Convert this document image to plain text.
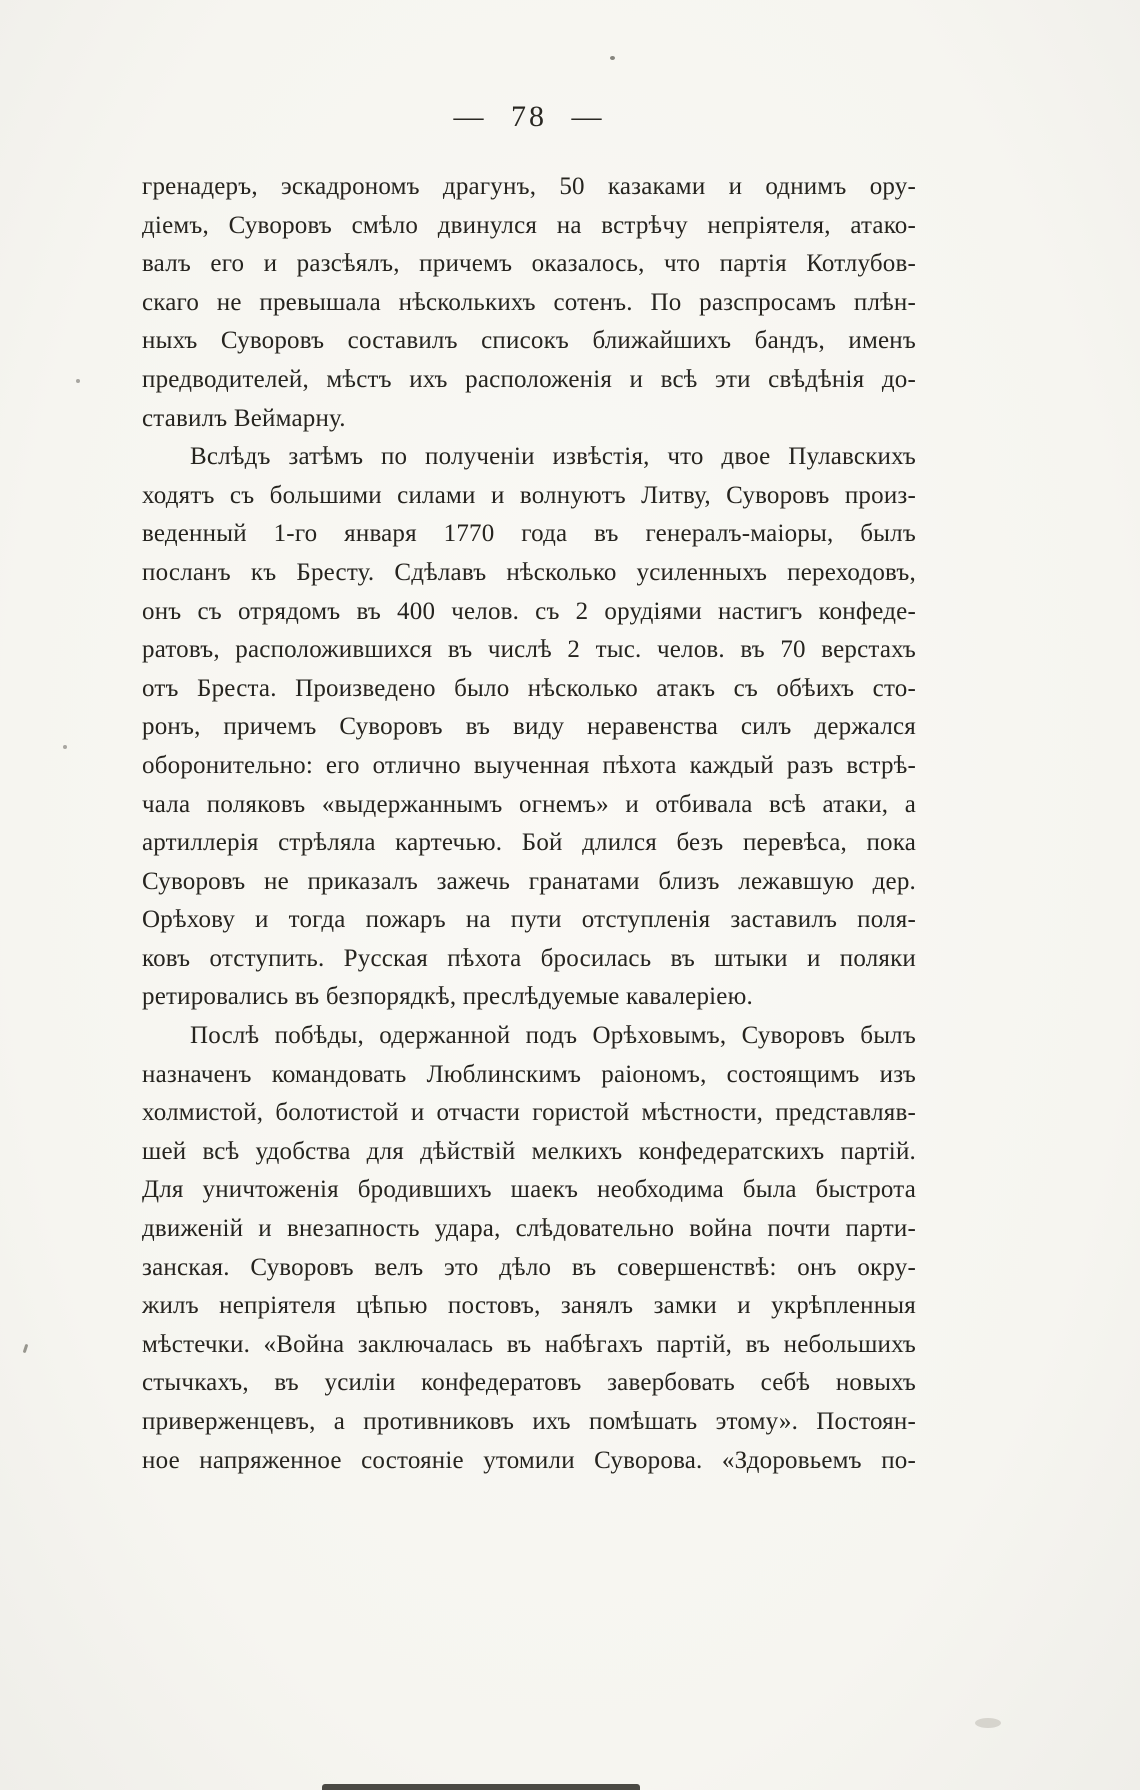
— 78 —

гренадеръ, эскадрономъ драгунъ, 50 казаками и однимъ ору-
діемъ, Суворовъ смѣло двинулся на встрѣчу непріятеля, атако-
валъ его и разсѣялъ, причемъ оказалось, что партія Котлубов-
скаго не превышала нѣсколькихъ сотенъ. По разспросамъ плѣн-
ныхъ Суворовъ составилъ списокъ ближайшихъ бандъ, именъ
предводителей, мѣстъ ихъ расположенія и всѣ эти свѣдѣнія до-
ставилъ Веймарну.

Вслѣдъ затѣмъ по полученіи извѣстія, что двое Пулавскихъ
ходятъ съ большими силами и волнуютъ Литву, Суворовъ произ-
веденный 1-го января 1770 года въ генералъ-маіоры, былъ
посланъ къ Бресту. Сдѣлавъ нѣсколько усиленныхъ переходовъ,
онъ съ отрядомъ въ 400 челов. съ 2 орудіями настигъ конфеде-
ратовъ, расположившихся въ числѣ 2 тыс. челов. въ 70 верстахъ
отъ Бреста. Произведено было нѣсколько атакъ съ обѣихъ сто-
ронъ, причемъ Суворовъ въ виду неравенства силъ держался
оборонительно: его отлично выученная пѣхота каждый разъ встрѣ-
чала поляковъ «выдержаннымъ огнемъ» и отбивала всѣ атаки, а
артиллерія стрѣляла картечью. Бой длился безъ перевѣса, пока
Суворовъ не приказалъ зажечь гранатами близъ лежавшую дер.
Орѣхову и тогда пожаръ на пути отступленія заставилъ поля-
ковъ отступить. Русская пѣхота бросилась въ штыки и поляки
ретировались въ безпорядкѣ, преслѣдуемые кавалеріею.

Послѣ побѣды, одержанной подъ Орѣховымъ, Суворовъ былъ
назначенъ командовать Люблинскимъ раіономъ, состоящимъ изъ
холмистой, болотистой и отчасти гористой мѣстности, представляв-
шей всѣ удобства для дѣйствій мелкихъ конфедератскихъ партій.
Для уничтоженія бродившихъ шаекъ необходима была быстрота
движеній и внезапность удара, слѣдовательно война почти парти-
занская. Суворовъ велъ это дѣло въ совершенствѣ: онъ окру-
жилъ непріятеля цѣпью постовъ, занялъ замки и укрѣпленныя
мѣстечки. «Война заключалась въ набѣгахъ партій, въ небольшихъ
стычкахъ, въ усиліи конфедератовъ завербовать себѣ новыхъ
приверженцевъ, а противниковъ ихъ помѣшать этому». Постоян-
ное напряженное состояніе утомили Суворова. «Здоровьемъ по-
